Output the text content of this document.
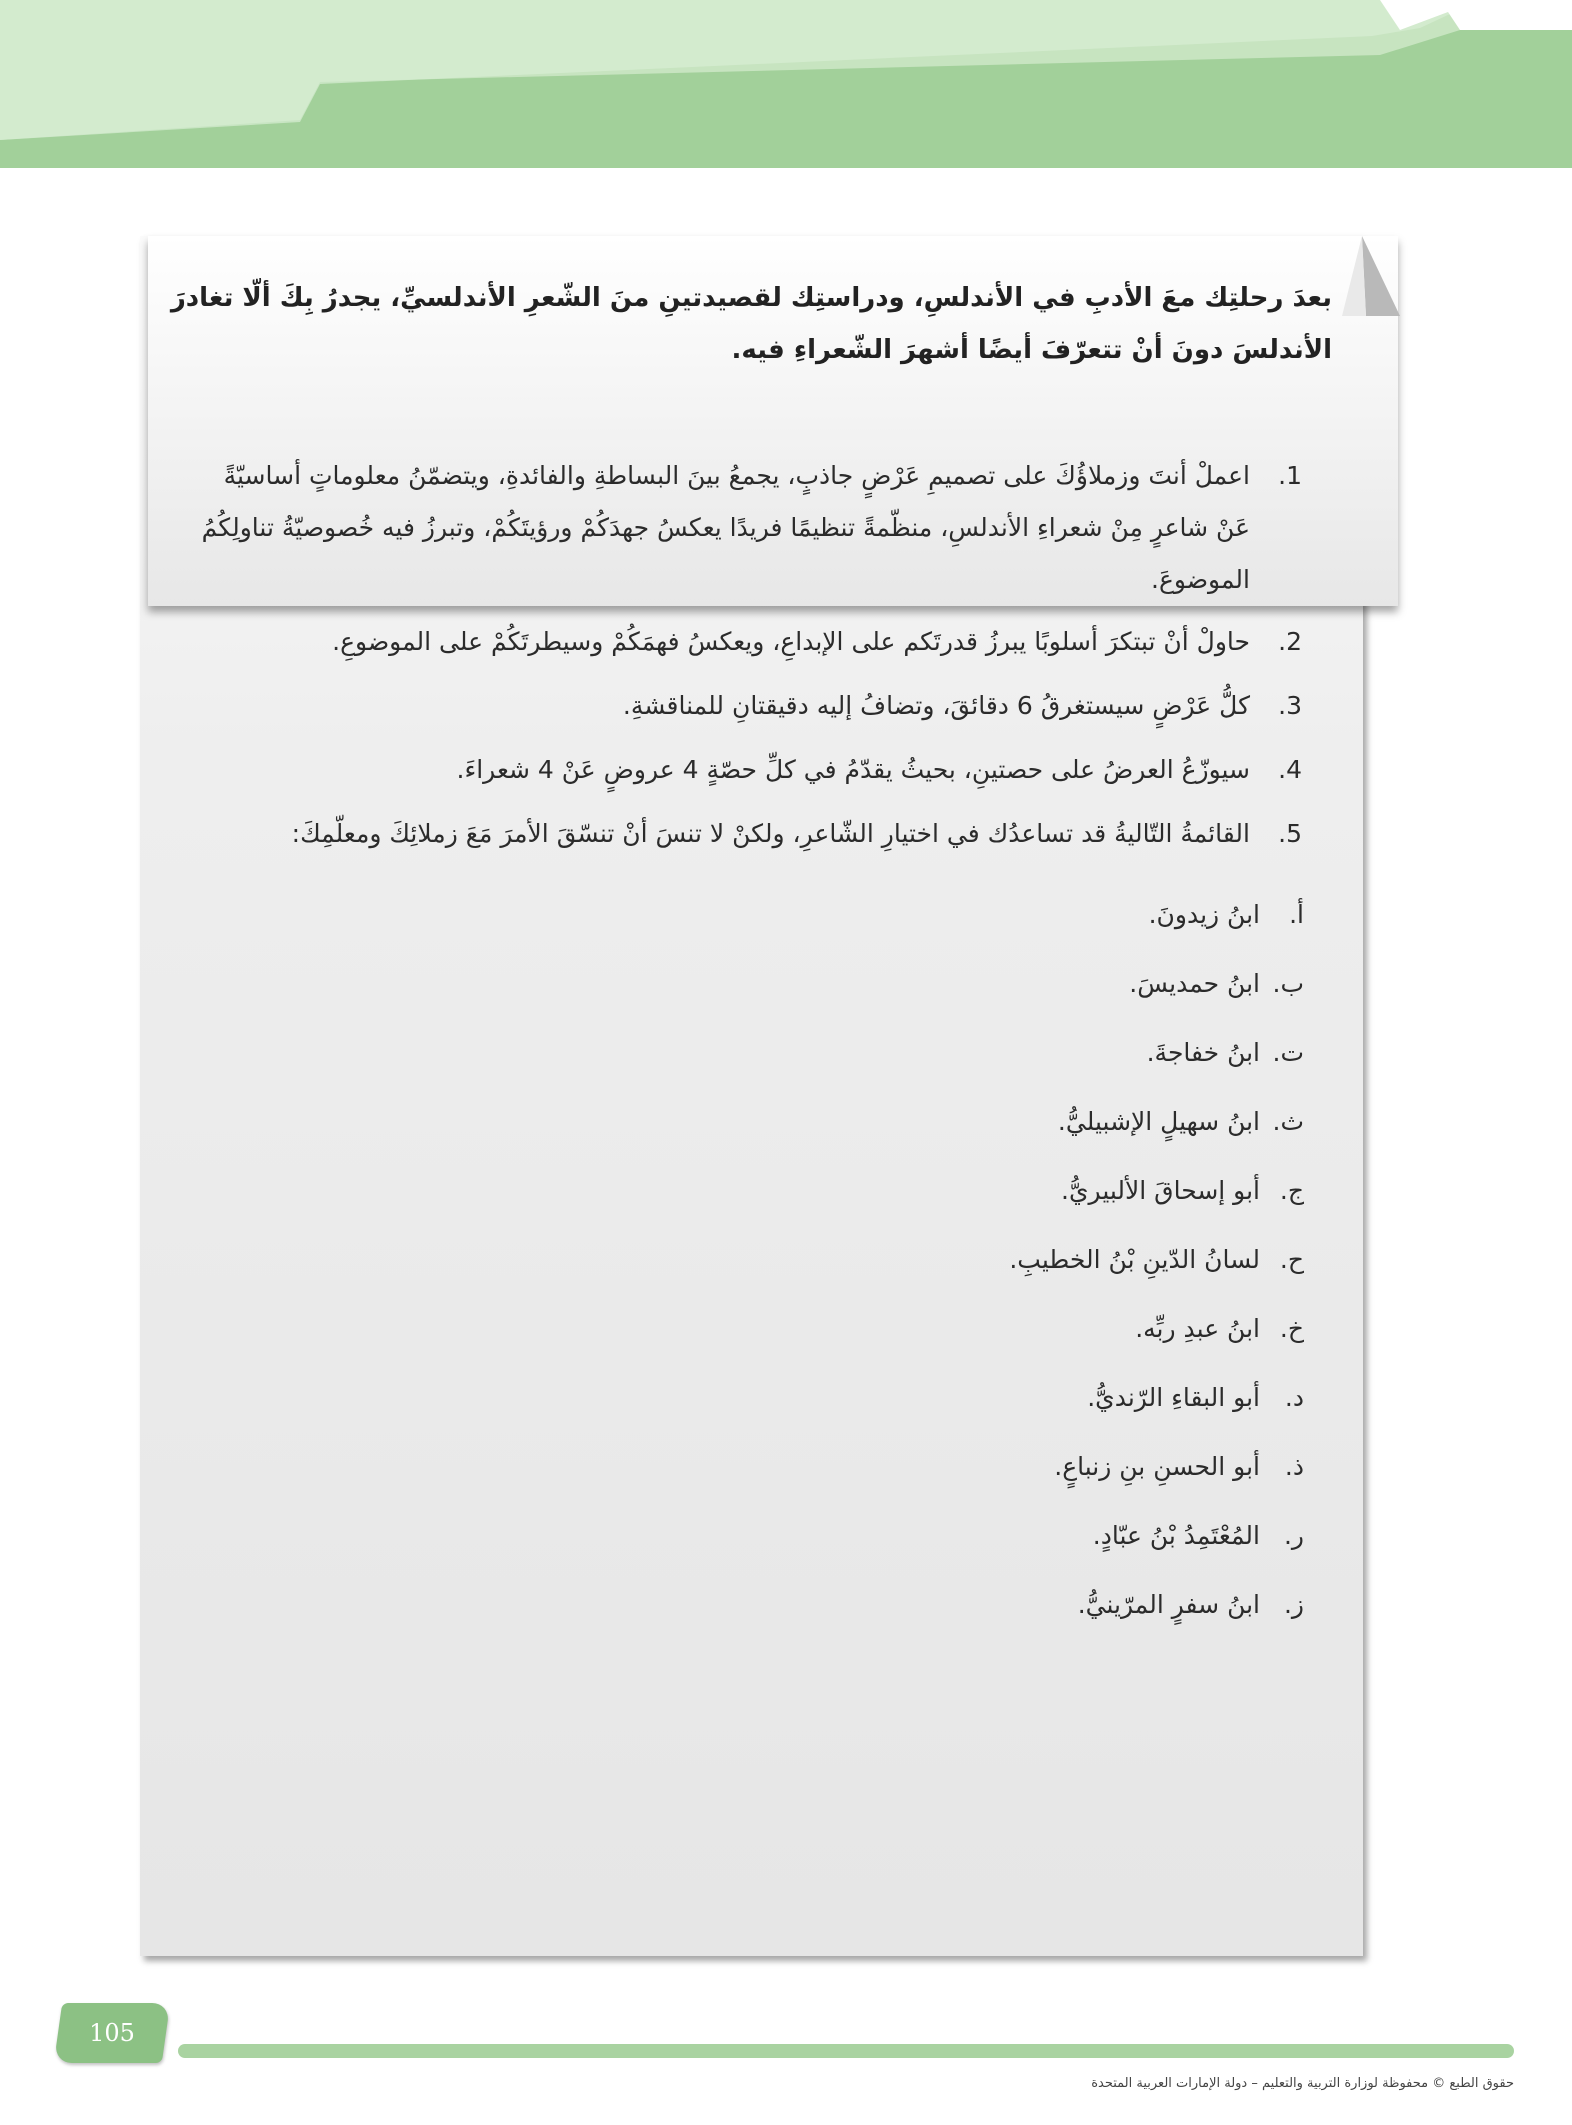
بعدَ رحلتِك معَ الأدبِ في الأندلسِ، ودراستِك لقصيدتينِ منَ الشّعرِ الأندلسيِّ، يجدرُ بِكَ ألّا تغادرَ الأندلسَ دونَ أنْ تتعرّفَ أيضًا أشهرَ الشّعراءِ فيه.
1.
اعملْ أنتَ وزملاؤُكَ على تصميمِ عَرْضٍ جاذبٍ، يجمعُ بينَ البساطةِ والفائدةِ، ويتضمّنُ معلوماتٍ أساسيّةً عَنْ شاعرٍ مِنْ شعراءِ الأندلسِ، منظّمةً تنظيمًا فريدًا يعكسُ جهدَكُمْ ورؤيتَكُمْ، وتبرزُ فيه خُصوصيّةُ تناولِكُمُ الموضوعَ.
2.
حاولْ أنْ تبتكرَ أسلوبًا يبرزُ قدرتَكم على الإبداعِ، ويعكسُ فهمَكُمْ وسيطرتَكُمْ على الموضوعِ.
3.
كلُّ عَرْضٍ سيستغرقُ 6 دقائقَ، وتضافُ إليه دقيقتانِ للمناقشةِ.
4.
سيوزّعُ العرضُ على حصتينِ، بحيثُ يقدّمُ في كلِّ حصّةٍ 4 عروضٍ عَنْ 4 شعراءَ.
5.
القائمةُ التّاليةُ قد تساعدُك في اختيارِ الشّاعرِ، ولكنْ لا تنسَ أنْ تنسّقَ الأمرَ مَعَ زملائِكَ ومعلّمِكَ:
أ.
ابنُ زيدونَ.
ب.
ابنُ حمديسَ.
ت.
ابنُ خفاجةَ.
ث.
ابنُ سهيلٍ الإشبيليُّ.
ج.
أبو إسحاقَ الألبيريُّ.
ح.
لسانُ الدّينِ بْنُ الخطيبِ.
خ.
ابنُ عبدِ ربِّه.
د.
أبو البقاءِ الرّنديُّ.
ذ.
أبو الحسنِ بنِ زنباعٍ.
ر.
المُعْتَمِدُ بْنُ عبّادٍ.
ز.
ابنُ سفرٍ المرّينيُّ.
105
حقوق الطبع © محفوظة لوزارة التربية والتعليم – دولة الإمارات العربية المتحدة
